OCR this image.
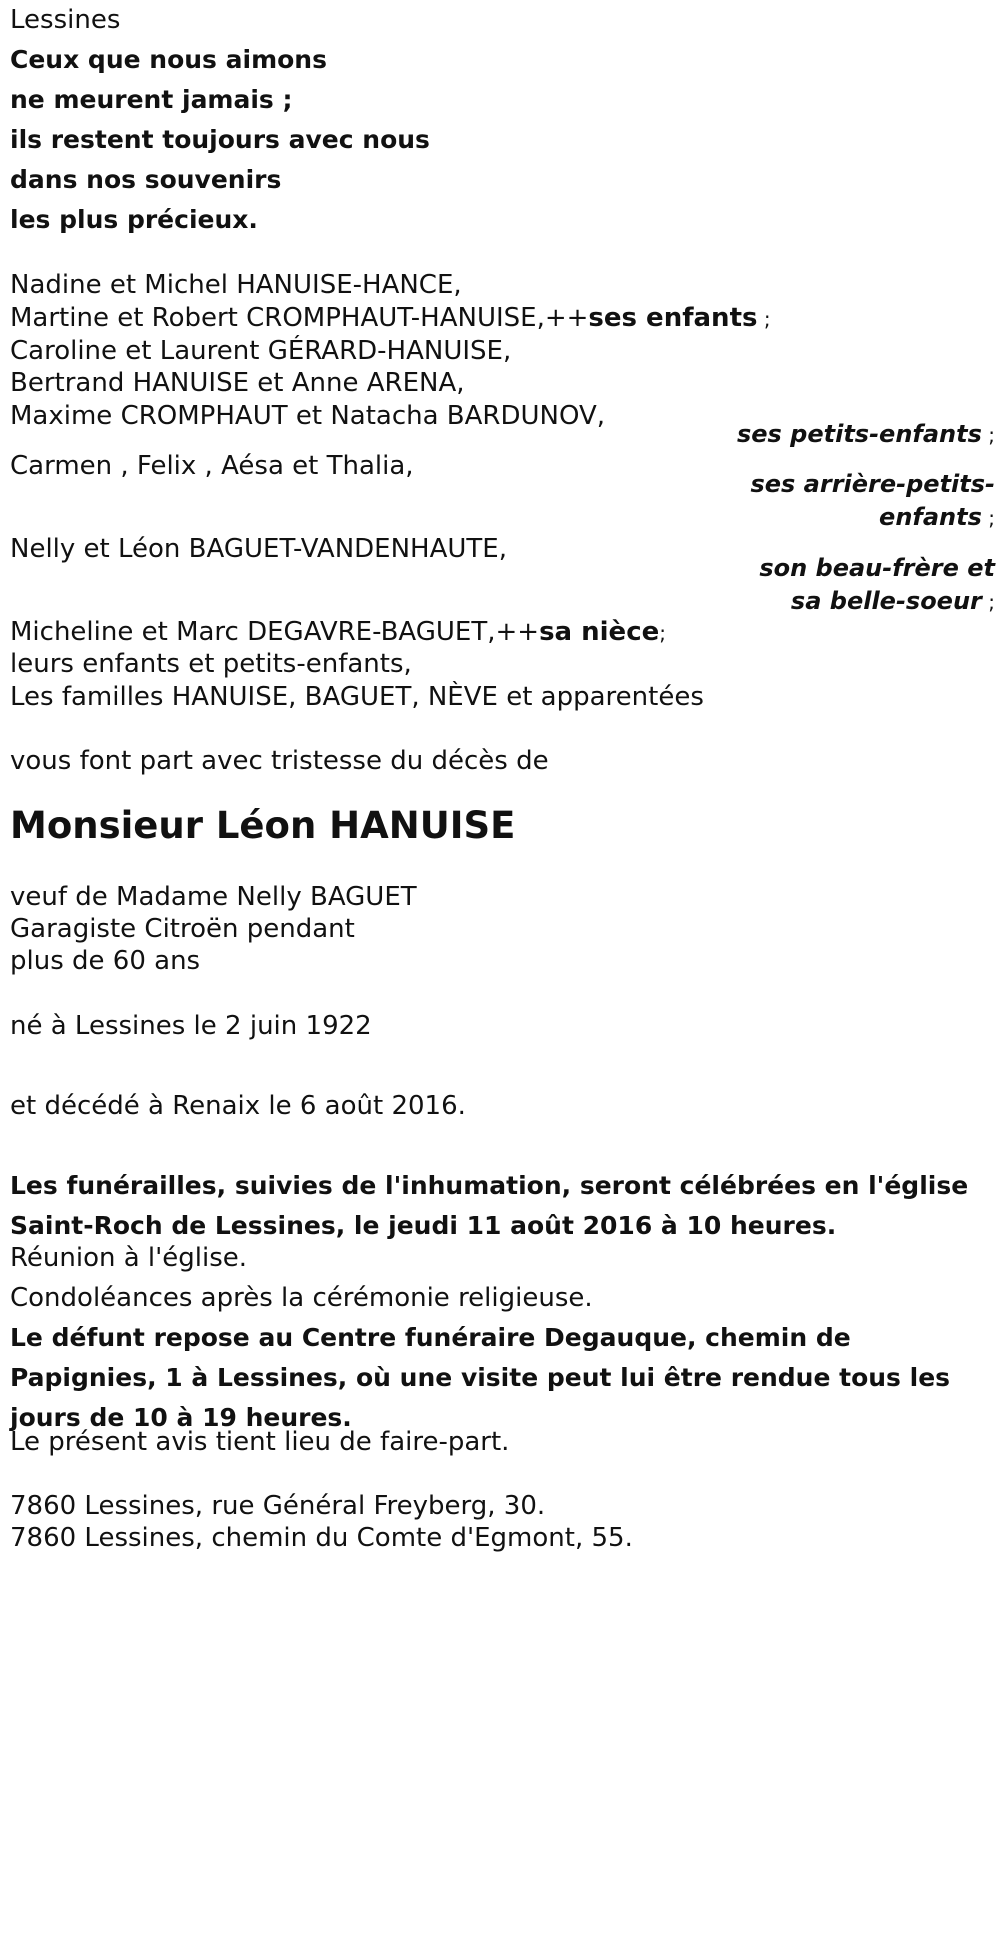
Lessines
Ceux que nous aimons
ne meurent jamais ;
ils restent toujours avec nous
dans nos souvenirs
les plus précieux.
Nadine et Michel HANUISE-HANCE,
Martine et Robert CROMPHAUT-HANUISE,++ses enfants ;
Caroline et Laurent GÉRARD-HANUISE,
Bertrand HANUISE et Anne ARENA,
Maxime CROMPHAUT et Natacha BARDUNOV,
ses petits-enfants ;
Carmen , Felix , Aésa et Thalia,
ses arrière-petits-
enfants ;
Nelly et Léon BAGUET-VANDENHAUTE,
son beau-frère et
sa belle-soeur ;
Micheline et Marc DEGAVRE-BAGUET,++sa nièce;
leurs enfants et petits-enfants,
Les familles HANUISE, BAGUET, NÈVE et apparentées
vous font part avec tristesse du décès de
Monsieur Léon HANUISE
veuf de Madame Nelly BAGUET
Garagiste Citroën pendant
plus de 60 ans
né à Lessines le 2 juin 1922
et décédé à Renaix le 6 août 2016.
Les funérailles, suivies de l'inhumation, seront célébrées en l'église Saint-Roch de Lessines, le jeudi 11 août 2016 à 10 heures.
Réunion à l'église.
Condoléances après la cérémonie religieuse.
Le défunt repose au Centre funéraire Degauque, chemin de Papignies, 1 à Lessines, où une visite peut lui être rendue tous les jours de 10 à 19 heures.
Le présent avis tient lieu de faire-part.
7860 Lessines, rue Général Freyberg, 30.
7860 Lessines, chemin du Comte d'Egmont, 55.
